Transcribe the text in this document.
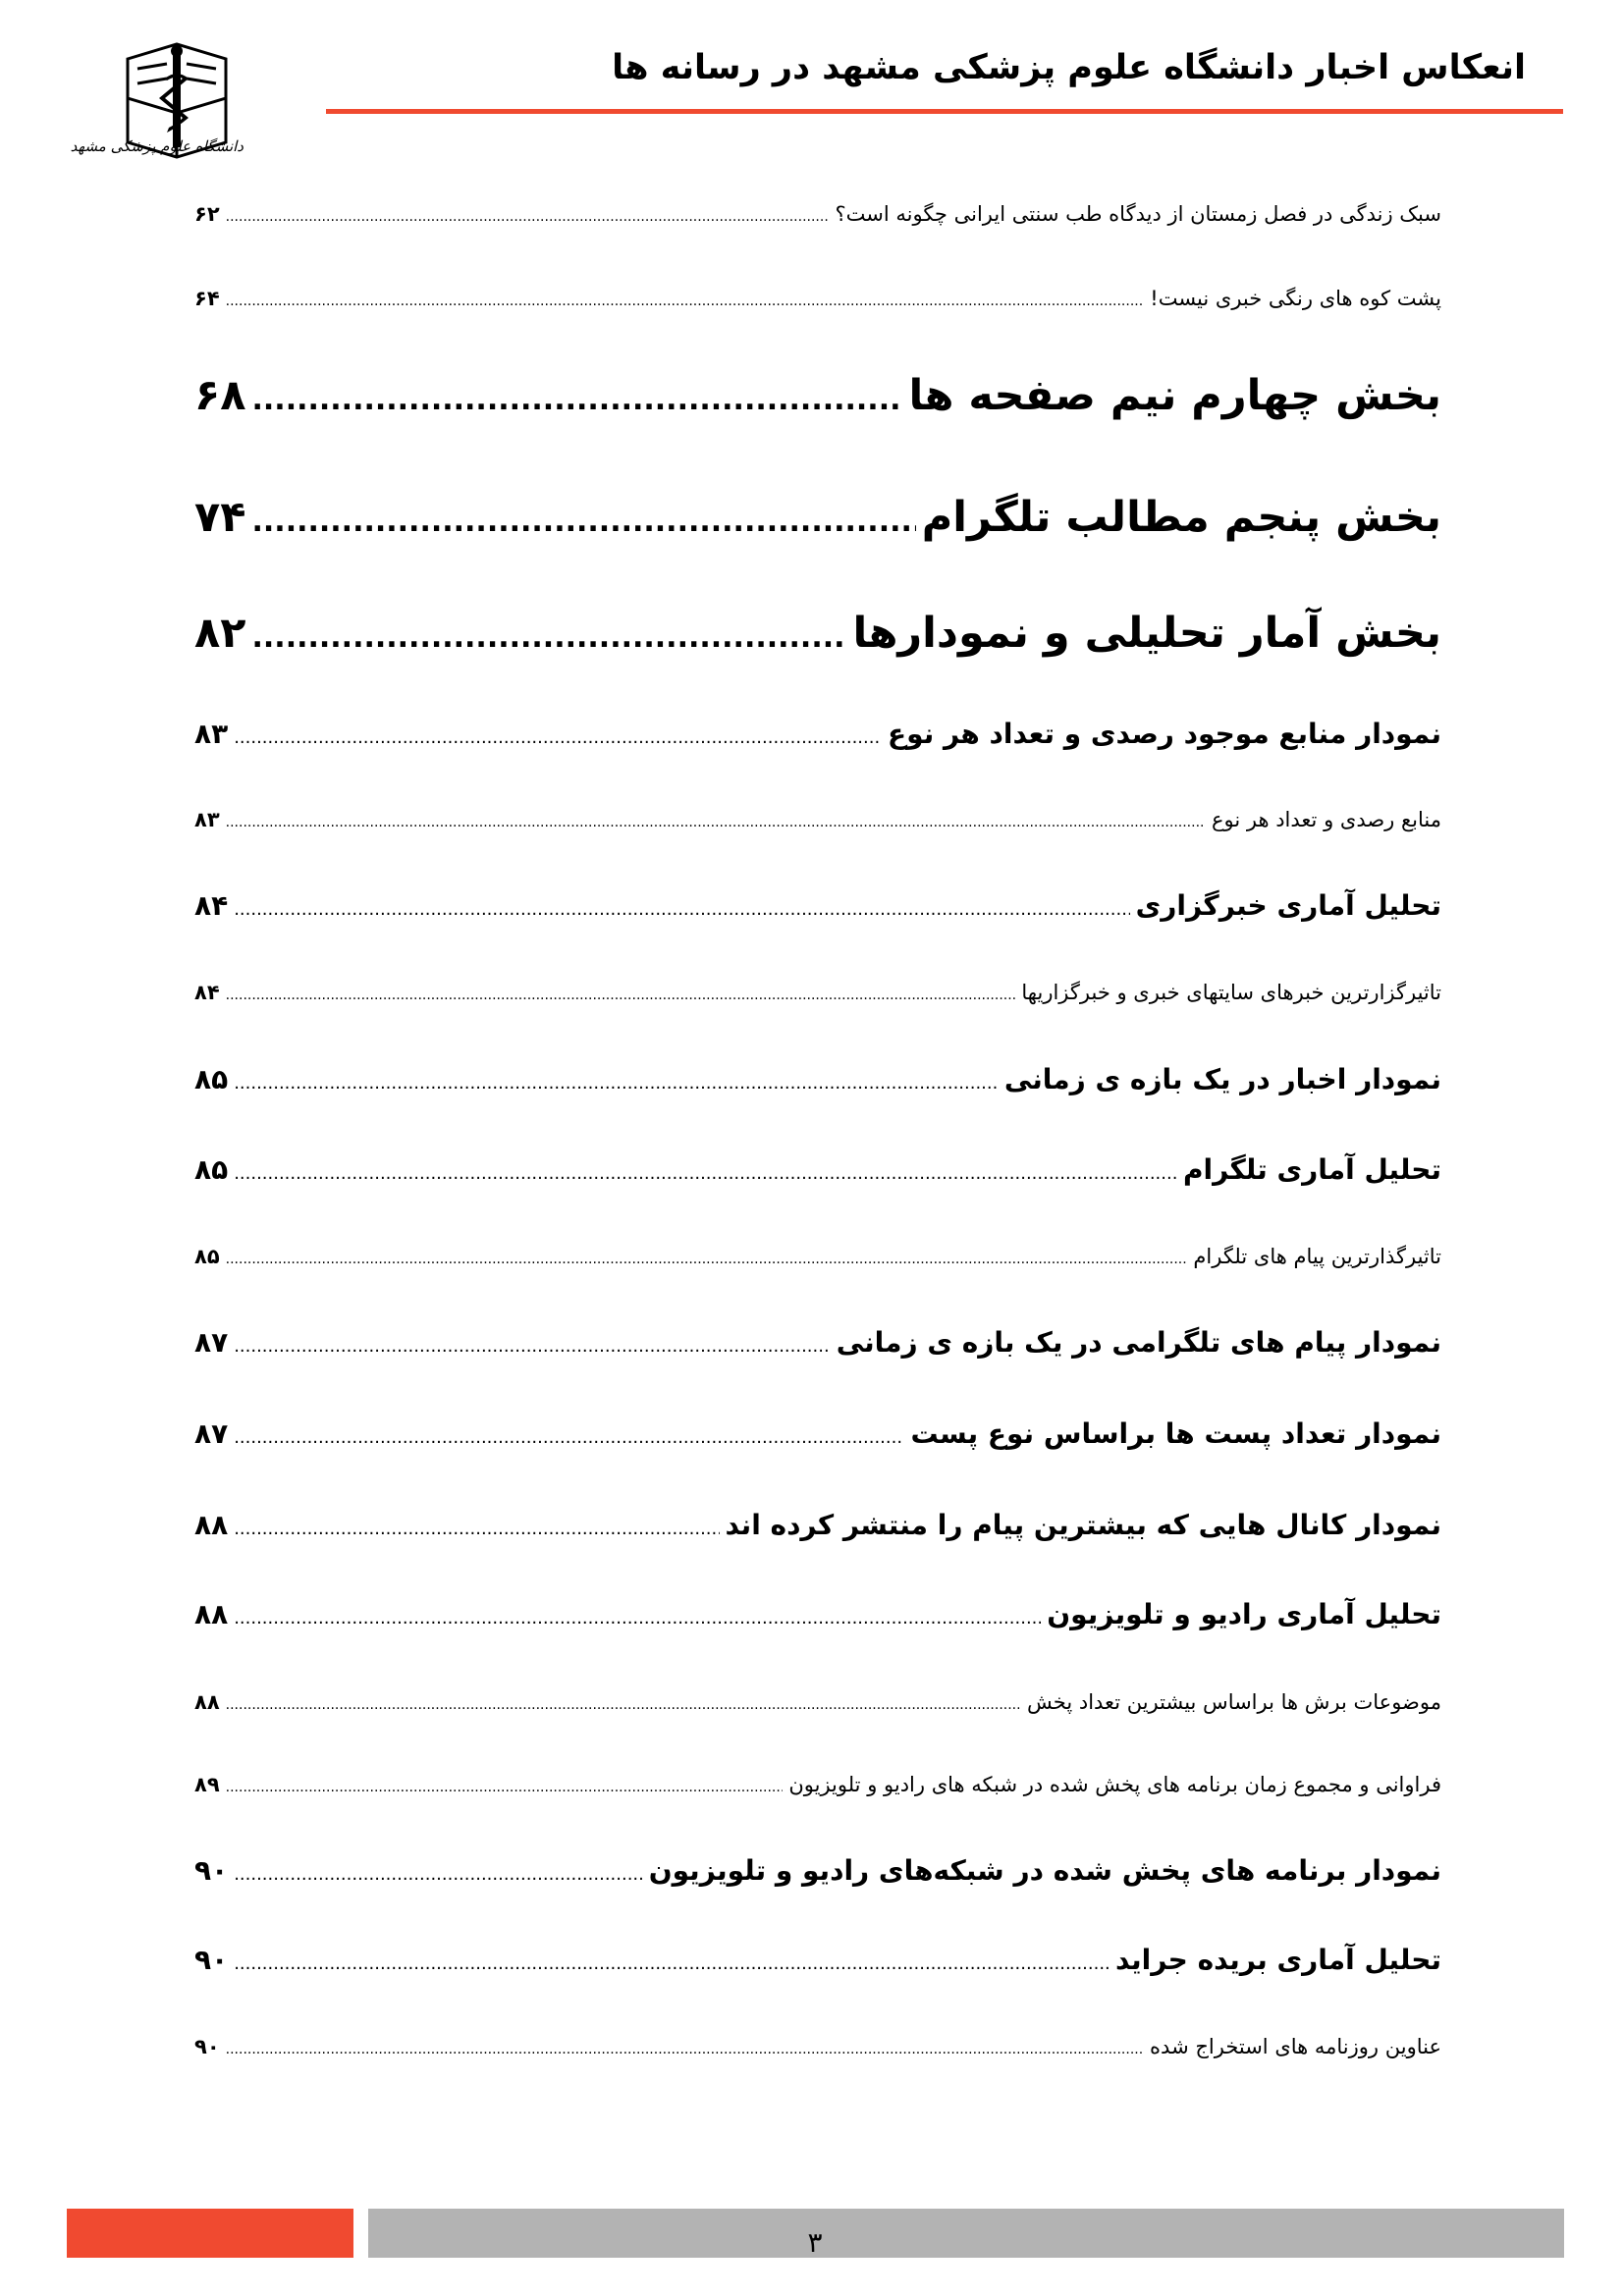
انعکاس اخبار دانشگاه علوم پزشکی مشهد در رسانه ها
دانشگاه علوم پزشکی مشهد
۶۲ .....	سبک زندگی در فصل زمستان از دیدگاه طب سنتی ایرانی چگونه است؟
۶۴ .....	پشت کوه های رنگی خبری نیست!
۶۸ .....	بخش چهارم نیم صفحه ها
۷۴ .....	بخش پنجم مطالب تلگرام
۸۲ .....	بخش آمار تحلیلی و نمودارها
۸۳ .....	نمودار منابع موجود رصدی و تعداد هر نوع
۸۳ .....	منابع رصدی و تعداد هر نوع
۸۴ .....	تحلیل آماری خبرگزاری
۸۴ .....	تاثیرگزارترین خبرهای سایتهای خبری و خبرگزاریها
۸۵ .....	نمودار اخبار در یک بازه ی زمانی
۸۵ .....	تحلیل آماری تلگرام
۸۵ .....	تاثیرگذارترین پیام های تلگرام
۸۷ .....	نمودار پیام های تلگرامی در یک بازه ی زمانی
۸۷ .....	نمودار تعداد پست ها براساس نوع پست
۸۸ .....	نمودار کانال هایی که بیشترین پیام را منتشر کرده اند
۸۸ .....	تحلیل آماری رادیو و تلویزیون
۸۸ .....	موضوعات برش ها براساس بیشترین تعداد پخش
۸۹ .....	فراوانی و مجموع زمان برنامه های پخش شده در شبکه های رادیو و تلویزیون
۹۰ .....	نمودار برنامه های پخش شده در شبکه‌های رادیو و تلویزیون
۹۰ .....	تحلیل آماری بریده جراید
۹۰ .....	عناوین روزنامه های استخراج شده
۳
